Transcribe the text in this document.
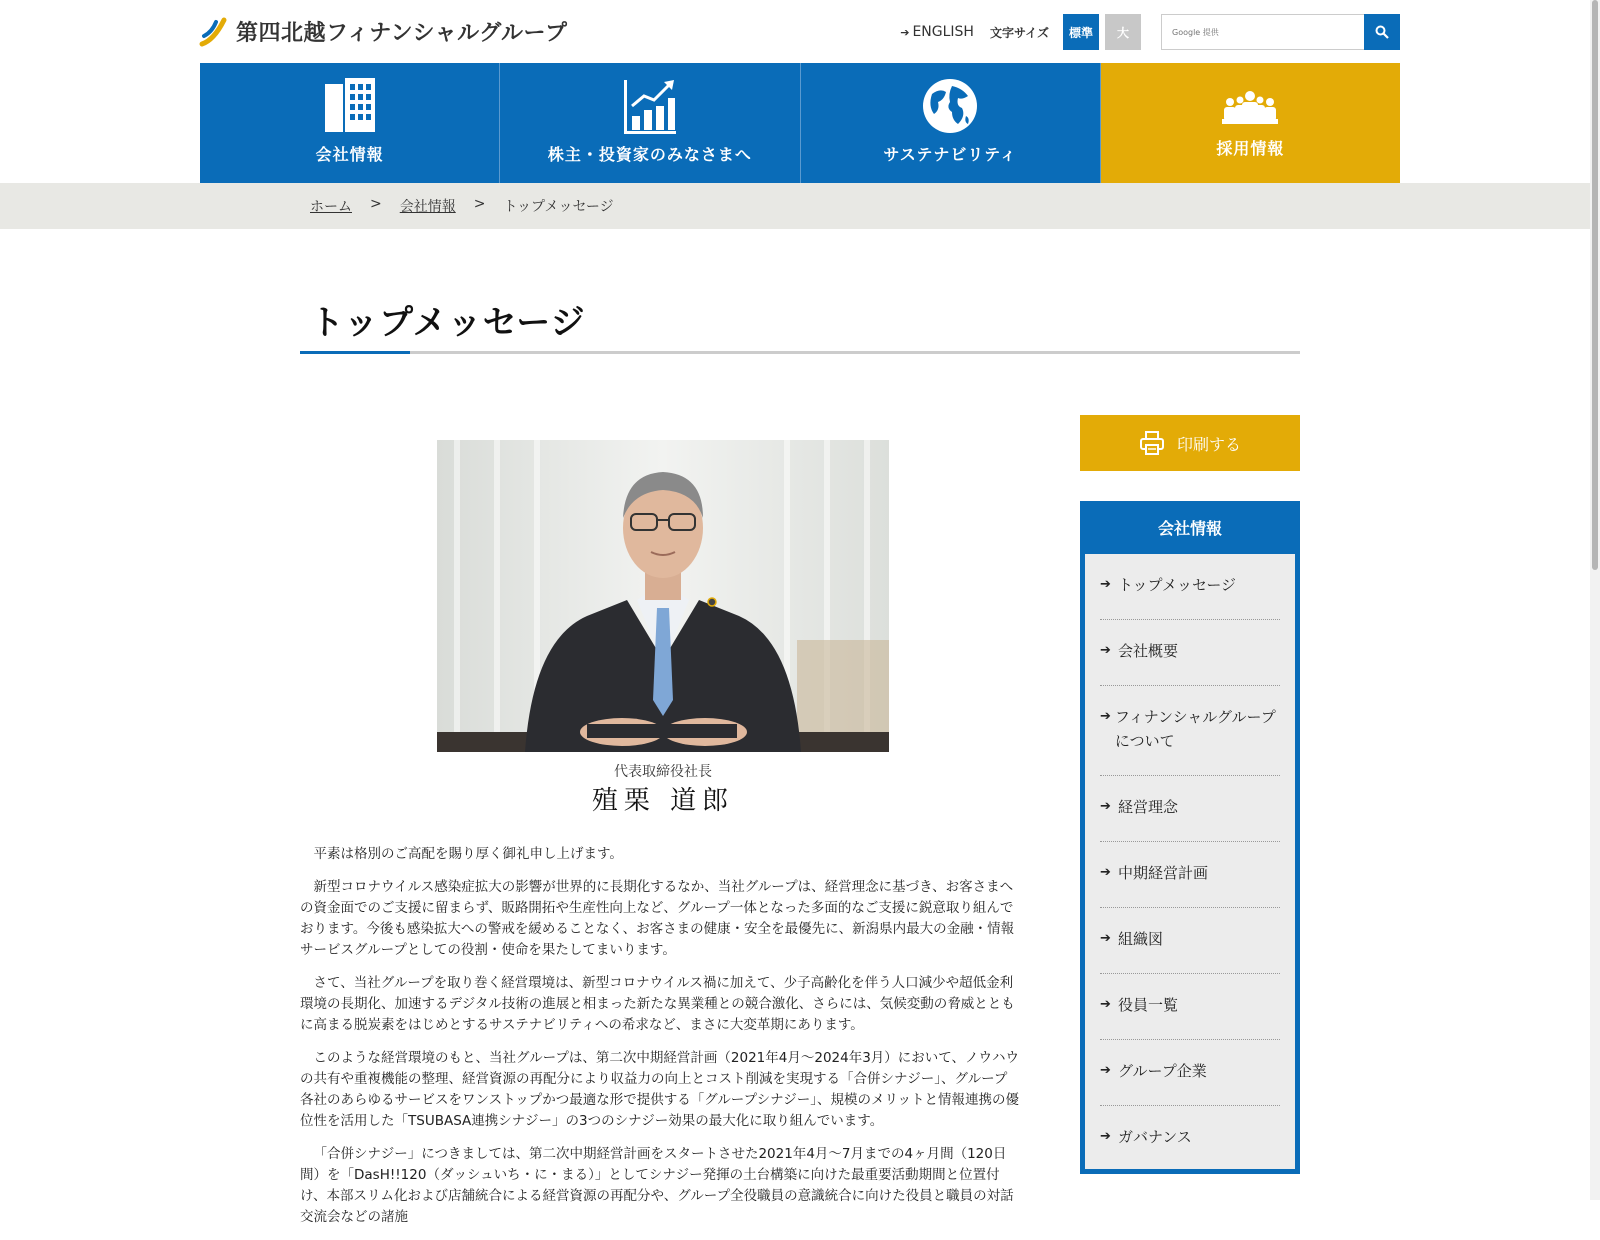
第四北越フィナンシャルグループ	➔ ENGLISH 文字サイズ	標準	大
Google 提供
会社情報	株主・投資家のみなさまへ	サステナビリティ	採用情報
ホーム > 会社情報 > トップメッセージ
トップメッセージ
代表取締役社長
殖栗 道郎

平素は格別のご高配を賜り厚く御礼申し上げます。

新型コロナウイルス感染症拡大の影響が世界的に長期化するなか、当社グループは、経営理念に基づき、お客さまへの資金面でのご支援に留まらず、販路開拓や生産性向上など、グループ一体となった多面的なご支援に鋭意取り組んでおります。今後も感染拡大への警戒を緩めることなく、お客さまの健康・安全を最優先に、新潟県内最大の金融・情報サービスグループとしての役割・使命を果たしてまいります。

さて、当社グループを取り巻く経営環境は、新型コロナウイルス禍に加えて、少子高齢化を伴う人口減少や超低金利環境の長期化、加速するデジタル技術の進展と相まった新たな異業種との競合激化、さらには、気候変動の脅威とともに高まる脱炭素をはじめとするサステナビリティへの希求など、まさに大変革期にあります。

このような経営環境のもと、当社グループは、第二次中期経営計画（2021年4月～2024年3月）において、ノウハウの共有や重複機能の整理、経営資源の再配分により収益力の向上とコスト削減を実現する「合併シナジー」、グループ各社のあらゆるサービスをワンストップかつ最適な形で提供する「グループシナジー」、規模のメリットと情報連携の優位性を活用した「TSUBASA連携シナジー」の3つのシナジー効果の最大化に取り組んでいます。

「合併シナジー」につきましては、第二次中期経営計画をスタートさせた2021年4月～7月までの4ヶ月間（120日間）を「DasH!!120（ダッシュいち・に・まる）」としてシナジー発揮の土台構築に向けた最重要活動期間と位置付け、本部スリム化および店舗統合による経営資源の再配分や、グループ全役職員の意識統合に向けた役員と職員の対話交流会などの諸施

印刷する
会社情報
➔ トップメッセージ
➔ 会社概要
➔ フィナンシャルグループについて
➔ 経営理念
➔ 中期経営計画
➔ 組織図
➔ 役員一覧
➔ グループ企業
➔ ガバナンス
